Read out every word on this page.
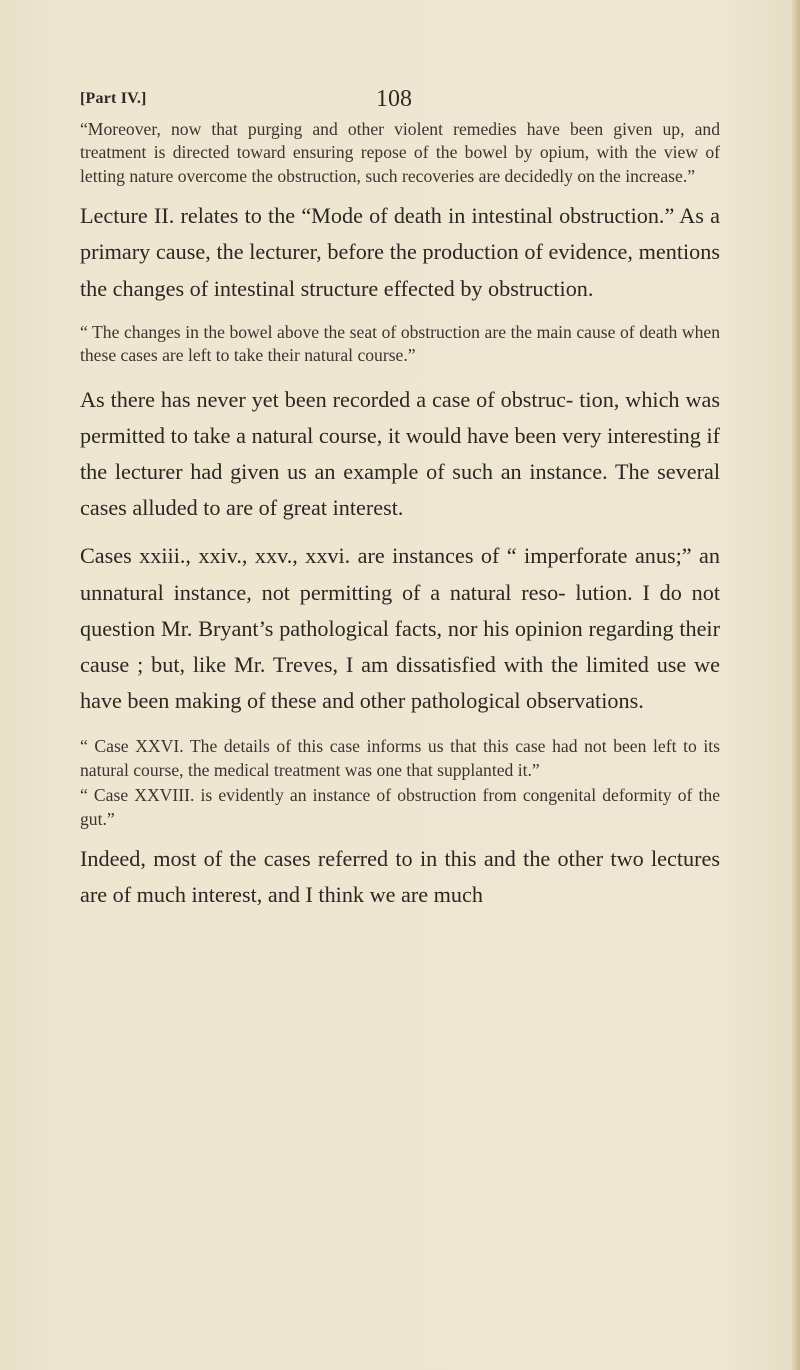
[Part IV.]	108

“Moreover, now that purging and other violent remedies have been given up, and treatment is directed toward ensuring repose of the bowel by opium, with the view of letting nature overcome the obstruction, such recoveries are decidedly on the increase.”

Lecture II. relates to the “Mode of death in intestinal obstruction.” As a primary cause, the lecturer, before the production of evidence, mentions the changes of intestinal structure effected by obstruction.

“ The changes in the bowel above the seat of obstruction are the main cause of death when these cases are left to take their natural course.”

As there has never yet been recorded a case of obstruc- tion, which was permitted to take a natural course, it would have been very interesting if the lecturer had given us an example of such an instance. The several cases alluded to are of great interest.

Cases xxiii., xxiv., xxv., xxvi. are instances of “ imperforate anus;” an unnatural instance, not permitting of a natural reso- lution. I do not question Mr. Bryant’s pathological facts, nor his opinion regarding their cause ; but, like Mr. Treves, I am dissatisfied with the limited use we have been making of these and other pathological observations.

“ Case XXVI. The details of this case informs us that this case had not been left to its natural course, the medical treatment was one that supplanted it.”

“ Case XXVIII. is evidently an instance of obstruction from congenital deformity of the gut.”

Indeed, most of the cases referred to in this and the other two lectures are of much interest, and I think we are much
